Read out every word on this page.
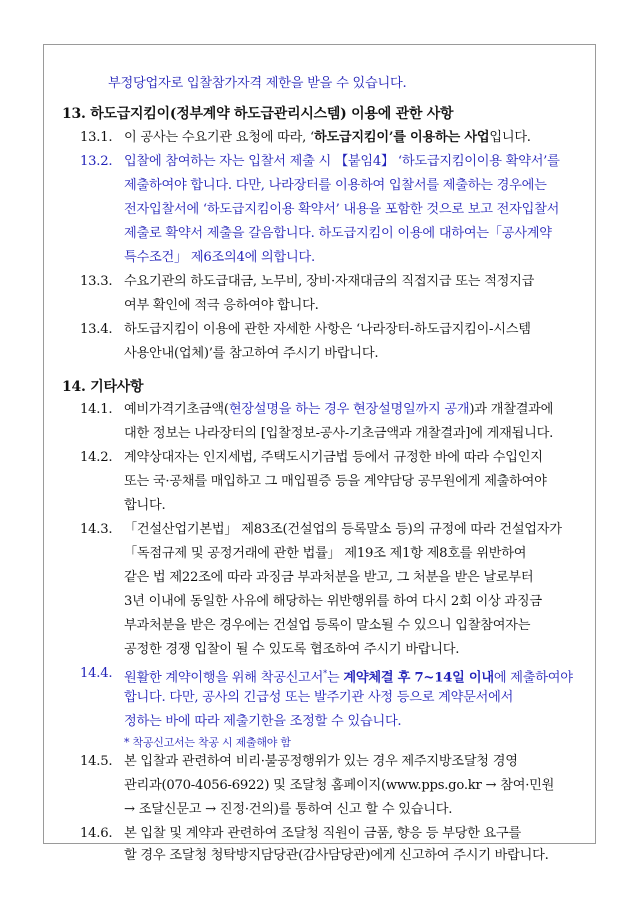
부정당업자로 입찰참가자격 제한을 받을 수 있습니다.
13. 하도급지킴이(정부계약 하도급관리시스템) 이용에 관한 사항
13.1. 이 공사는 수요기관 요청에 따라, ‘하도급지킴이’를 이용하는 사업입니다.
13.2. 입찰에 참여하는 자는 입찰서 제출 시 【붙임4】 ‘하도급지킴이이용 확약서’를
제출하여야 합니다. 다만, 나라장터를 이용하여 입찰서를 제출하는 경우에는
전자입찰서에 ‘하도급지킴이용 확약서’ 내용을 포함한 것으로 보고 전자입찰서
제출로 확약서 제출을 갈음합니다. 하도급지킴이 이용에 대하여는「공사계약
특수조건」 제6조의4에 의합니다.
13.3. 수요기관의 하도급대금, 노무비, 장비·자재대금의 직접지급 또는 적정지급
여부 확인에 적극 응하여야 합니다.
13.4. 하도급지킴이 이용에 관한 자세한 사항은 ‘나라장터-하도급지킴이-시스템
사용안내(업체)’를 참고하여 주시기 바랍니다.
14. 기타사항
14.1. 예비가격기초금액(현장설명을 하는 경우 현장설명일까지 공개)과 개찰결과에
대한 정보는 나라장터의 [입찰정보-공사-기초금액과 개찰결과]에 게재됩니다.
14.2. 계약상대자는 인지세법, 주택도시기금법 등에서 규정한 바에 따라 수입인지
또는 국·공채를 매입하고 그 매입필증 등을 계약담당 공무원에게 제출하여야
합니다.
14.3. 「건설산업기본법」 제83조(건설업의 등록말소 등)의 규정에 따라 건설업자가
「독점규제 및 공정거래에 관한 법률」 제19조 제1항 제8호를 위반하여
같은 법 제22조에 따라 과징금 부과처분을 받고, 그 처분을 받은 날로부터
3년 이내에 동일한 사유에 해당하는 위반행위를 하여 다시 2회 이상 과징금
부과처분을 받은 경우에는 건설업 등록이 말소될 수 있으니 입찰참여자는
공정한 경쟁 입찰이 될 수 있도록 협조하여 주시기 바랍니다.
14.4. 원활한 계약이행을 위해 착공신고서*는 계약체결 후 7~14일 이내에 제출하여야
합니다. 다만, 공사의 긴급성 또는 발주기관 사정 등으로 계약문서에서
정하는 바에 따라 제출기한을 조정할 수 있습니다.
* 착공신고서는 착공 시 제출해야 함
14.5. 본 입찰과 관련하여 비리·불공정행위가 있는 경우 제주지방조달청 경영
관리과(070-4056-6922) 및 조달청 홈페이지(www.pps.go.kr → 참여·민원
→ 조달신문고 → 진정·건의)를 통하여 신고 할 수 있습니다.
14.6. 본 입찰 및 계약과 관련하여 조달청 직원이 금품, 향응 등 부당한 요구를
할 경우 조달청 청탁방지담당관(감사담당관)에게 신고하여 주시기 바랍니다.
